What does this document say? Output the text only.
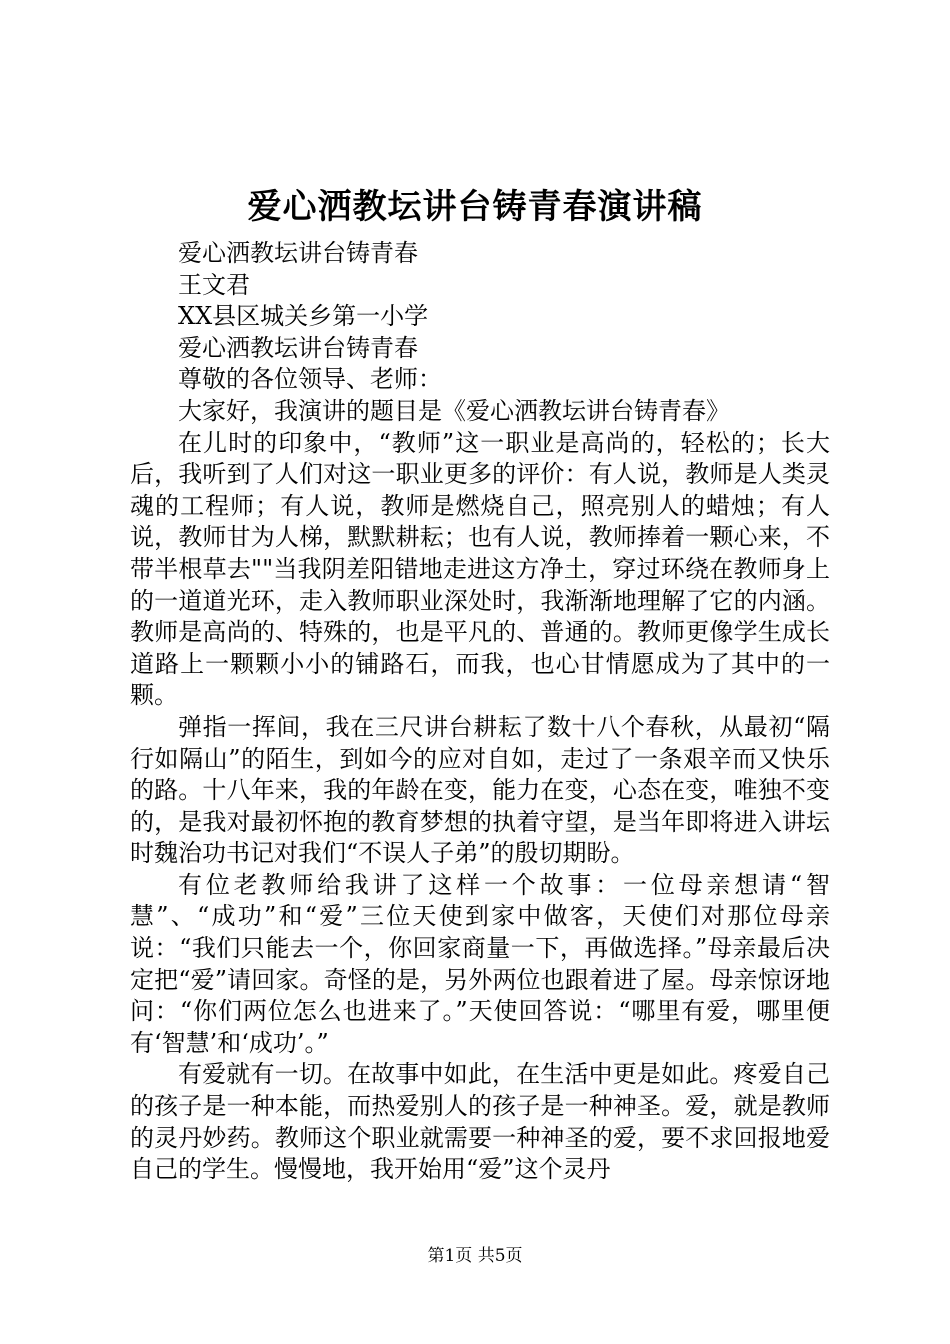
爱心洒教坛讲台铸青春演讲稿

爱心洒教坛讲台铸青春

王文君

XX县区城关乡第一小学

爱心洒教坛讲台铸青春

尊敬的各位领导、老师：

大家好，我演讲的题目是《爱心洒教坛讲台铸青春》

在儿时的印象中，“教师”这一职业是高尚的，轻松的；长大后，我听到了人们对这一职业更多的评价：有人说，教师是人类灵魂的工程师；有人说，教师是燃烧自己，照亮别人的蜡烛；有人说，教师甘为人梯，默默耕耘；也有人说，教师捧着一颗心来，不带半根草去""当我阴差阳错地走进这方净土，穿过环绕在教师身上的一道道光环，走入教师职业深处时，我渐渐地理解了它的内涵。教师是高尚的、特殊的，也是平凡的、普通的。教师更像学生成长道路上一颗颗小小的铺路石，而我，也心甘情愿成为了其中的一颗。

弹指一挥间，我在三尺讲台耕耘了数十八个春秋，从最初“隔行如隔山”的陌生，到如今的应对自如，走过了一条艰辛而又快乐的路。十八年来，我的年龄在变，能力在变，心态在变，唯独不变的，是我对最初怀抱的教育梦想的执着守望，是当年即将进入讲坛时魏治功书记对我们“不误人子弟”的殷切期盼。

有位老教师给我讲了这样一个故事：一位母亲想请“智慧”、“成功”和“爱”三位天使到家中做客，天使们对那位母亲说：“我们只能去一个，你回家商量一下，再做选择。”母亲最后决定把“爱”请回家。奇怪的是，另外两位也跟着进了屋。母亲惊讶地问：“你们两位怎么也进来了。”天使回答说：“哪里有爱，哪里便有‘智慧’和‘成功’。”

有爱就有一切。在故事中如此，在生活中更是如此。疼爱自己的孩子是一种本能，而热爱别人的孩子是一种神圣。爱，就是教师的灵丹妙药。教师这个职业就需要一种神圣的爱，要不求回报地爱自己的学生。慢慢地，我开始用“爱”这个灵丹

第1页 共5页
